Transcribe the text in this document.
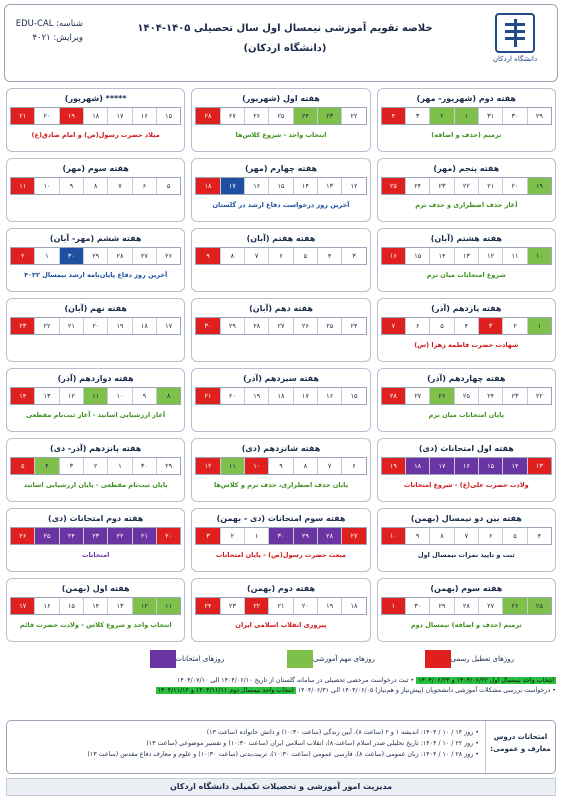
شناسه: EDU-CAL
ویرایش: ۴۰۲۱
خلاصه تقویم آموزشی نیمسال اول سال تحصیلی ۱۴۰۵-۱۴۰۴
(دانشگاه اردکان)
دانشگاه اردکان
***** (شهریور)
۱۵
۱۶
۱۷
۱۸
۱۹
۲۰
۲۱
میلاد حضرت رسول(ص) و امام صادق(ع)
هفته اول (شهریور)
۲۲
۲۳
۲۴
۲۵
۲۶
۲۷
۲۸
انتخاب واحد - شروع کلاس‌ها
هفته دوم (شهریور- مهر)
۲۹
۳۰
۳۱
۱
۲
۳
۴
ترمیم (حذف و اضافه)
هفته سوم (مهر)
۵
۶
۷
۸
۹
۱۰
۱۱
هفته چهارم (مهر)
۱۲
۱۳
۱۴
۱۵
۱۶
۱۷
۱۸
آخرین روز درخواست دفاع ارشد در گلستان
هفته پنجم (مهر)
۱۹
۲۰
۲۱
۲۲
۲۳
۲۴
۲۵
آغاز حذف اضطراری و حذف ترم
هفته ششم (مهر- آبان)
۲۶
۲۷
۲۸
۲۹
۳۰
۱
۲
آخرین روز دفاع پایان‌نامه ارشد نیمسال ۴۰۳۲
هفته هفتم (آبان)
۳
۴
۵
۶
۷
۸
۹
هفته هشتم (آبان)
۱۰
۱۱
۱۲
۱۳
۱۴
۱۵
۱۶
شروع امتحانات میان ترم
هفته نهم (آبان)
۱۷
۱۸
۱۹
۲۰
۲۱
۲۲
۲۳
هفته دهم (آبان)
۲۴
۲۵
۲۶
۲۷
۲۸
۲۹
۳۰
هفته یازدهم (آذر)
۱
۲
۳
۴
۵
۶
۷
شهادت حضرت فاطمه زهرا (س)
هفته دوازدهم (آذر)
۸
۹
۱۰
۱۱
۱۲
۱۳
۱۴
آغاز ارزشیابی اساتید - آغاز ثبت‌نام مقطعی
هفته سیزدهم (آذر)
۱۵
۱۶
۱۷
۱۸
۱۹
۲۰
۲۱
هفته چهاردهم (آذر)
۲۲
۲۳
۲۴
۲۵
۲۶
۲۷
۲۸
پایان امتحانات میان ترم
هفته پانزدهم (آذر- دی)
۲۹
۳۰
۱
۲
۳
۴
۵
پایان ثبت‌نام مقطعی - پایان ارزشیابی اساتید
هفته شانزدهم (دی)
۶
۷
۸
۹
۱۰
۱۱
۱۲
پایان حذف اضطراری، حذف ترم و کلاس‌ها
هفته اول امتحانات (دی)
۱۳
۱۴
۱۵
۱۶
۱۷
۱۸
۱۹
ولادت حضرت علی(ع) - شروع امتحانات
هفته دوم امتحانات (دی)
۲۰
۲۱
۲۲
۲۳
۲۴
۲۵
۲۶
امتحانات
هفته سوم امتحانات (دی - بهمن)
۲۷
۲۸
۲۹
۳۰
۱
۲
۳
مبعث حضرت رسول(ص) - پایان امتحانات
هفته بین دو نیمسال (بهمن)
۴
۵
۶
۷
۸
۹
۱۰
ثبت و تایید نمرات نیمسال اول
هفته اول (بهمن)
۱۱
۱۲
۱۳
۱۴
۱۵
۱۶
۱۷
انتخاب واحد و شروع کلاس - ولادت حضرت قائم
هفته دوم (بهمن)
۱۸
۱۹
۲۰
۲۱
۲۲
۲۳
۲۴
پیروزی انقلاب اسلامی ایران
هفته سوم (بهمن)
۲۵
۲۶
۲۷
۲۸
۲۹
۳۰
۱
ترمیم (حذف و اضافه) نیمسال دوم
روزهای تعطیل رسمی
روزهای مهم آموزشی
روزهای امتحانات
انتخاب واحد نیمسال اول ۱۴۰۴/۰۶/۲۲ و ۱۴۰۴/۰۶/۲۳ • ثبت درخواست مرخصی تحصیلی در سامانه گلستان از تاریخ ۱۴۰۴/۰۶/۱۰ الی ۱۴۰۴/۰۷/۱۰
• درخواست بررسی مشکلات آموزشی دانشجویان (پیش‌نیاز و هم‌نیاز) ۱۴۰۴/۰۶/۰۵ الی ۱۴۰۴/۰۶/۳۱ انتخاب واحد نیمسال دوم ۱۴۰۴/۱۱/۱۱ و ۱۴۰۴/۱۱/۱۲
امتحانات دروس معارف و عمومی:
• روز ۱۴ / ۱۰ / ۱۴۰۴: اندیشه ۱ و ۲ (ساعت ۸)، آیین زندگی (ساعت ۱۰:۳۰) و دانش خانواده (ساعت ۱۳)
• روز ۲۲ / ۱۰ / ۱۴۰۴: تاریخ تحلیلی صدر اسلام (ساعت ۸)، انقلاب اسلامی ایران (ساعت ۱۰:۳۰) و تفسیر موضوعی (ساعت ۱۳)
• روز ۲۸ / ۱۰ / ۱۴۰۴: زبان عمومی (ساعت ۸)، فارسی عمومی (ساعت ۱۰:۳۰)، تربیت‌بدنی (ساعت ۱۰:۳۰) و علوم و معارف دفاع مقدس (ساعت ۱۳)
مدیریت امور آموزشی و تحصیلات تکمیلی دانشگاه اردکان
